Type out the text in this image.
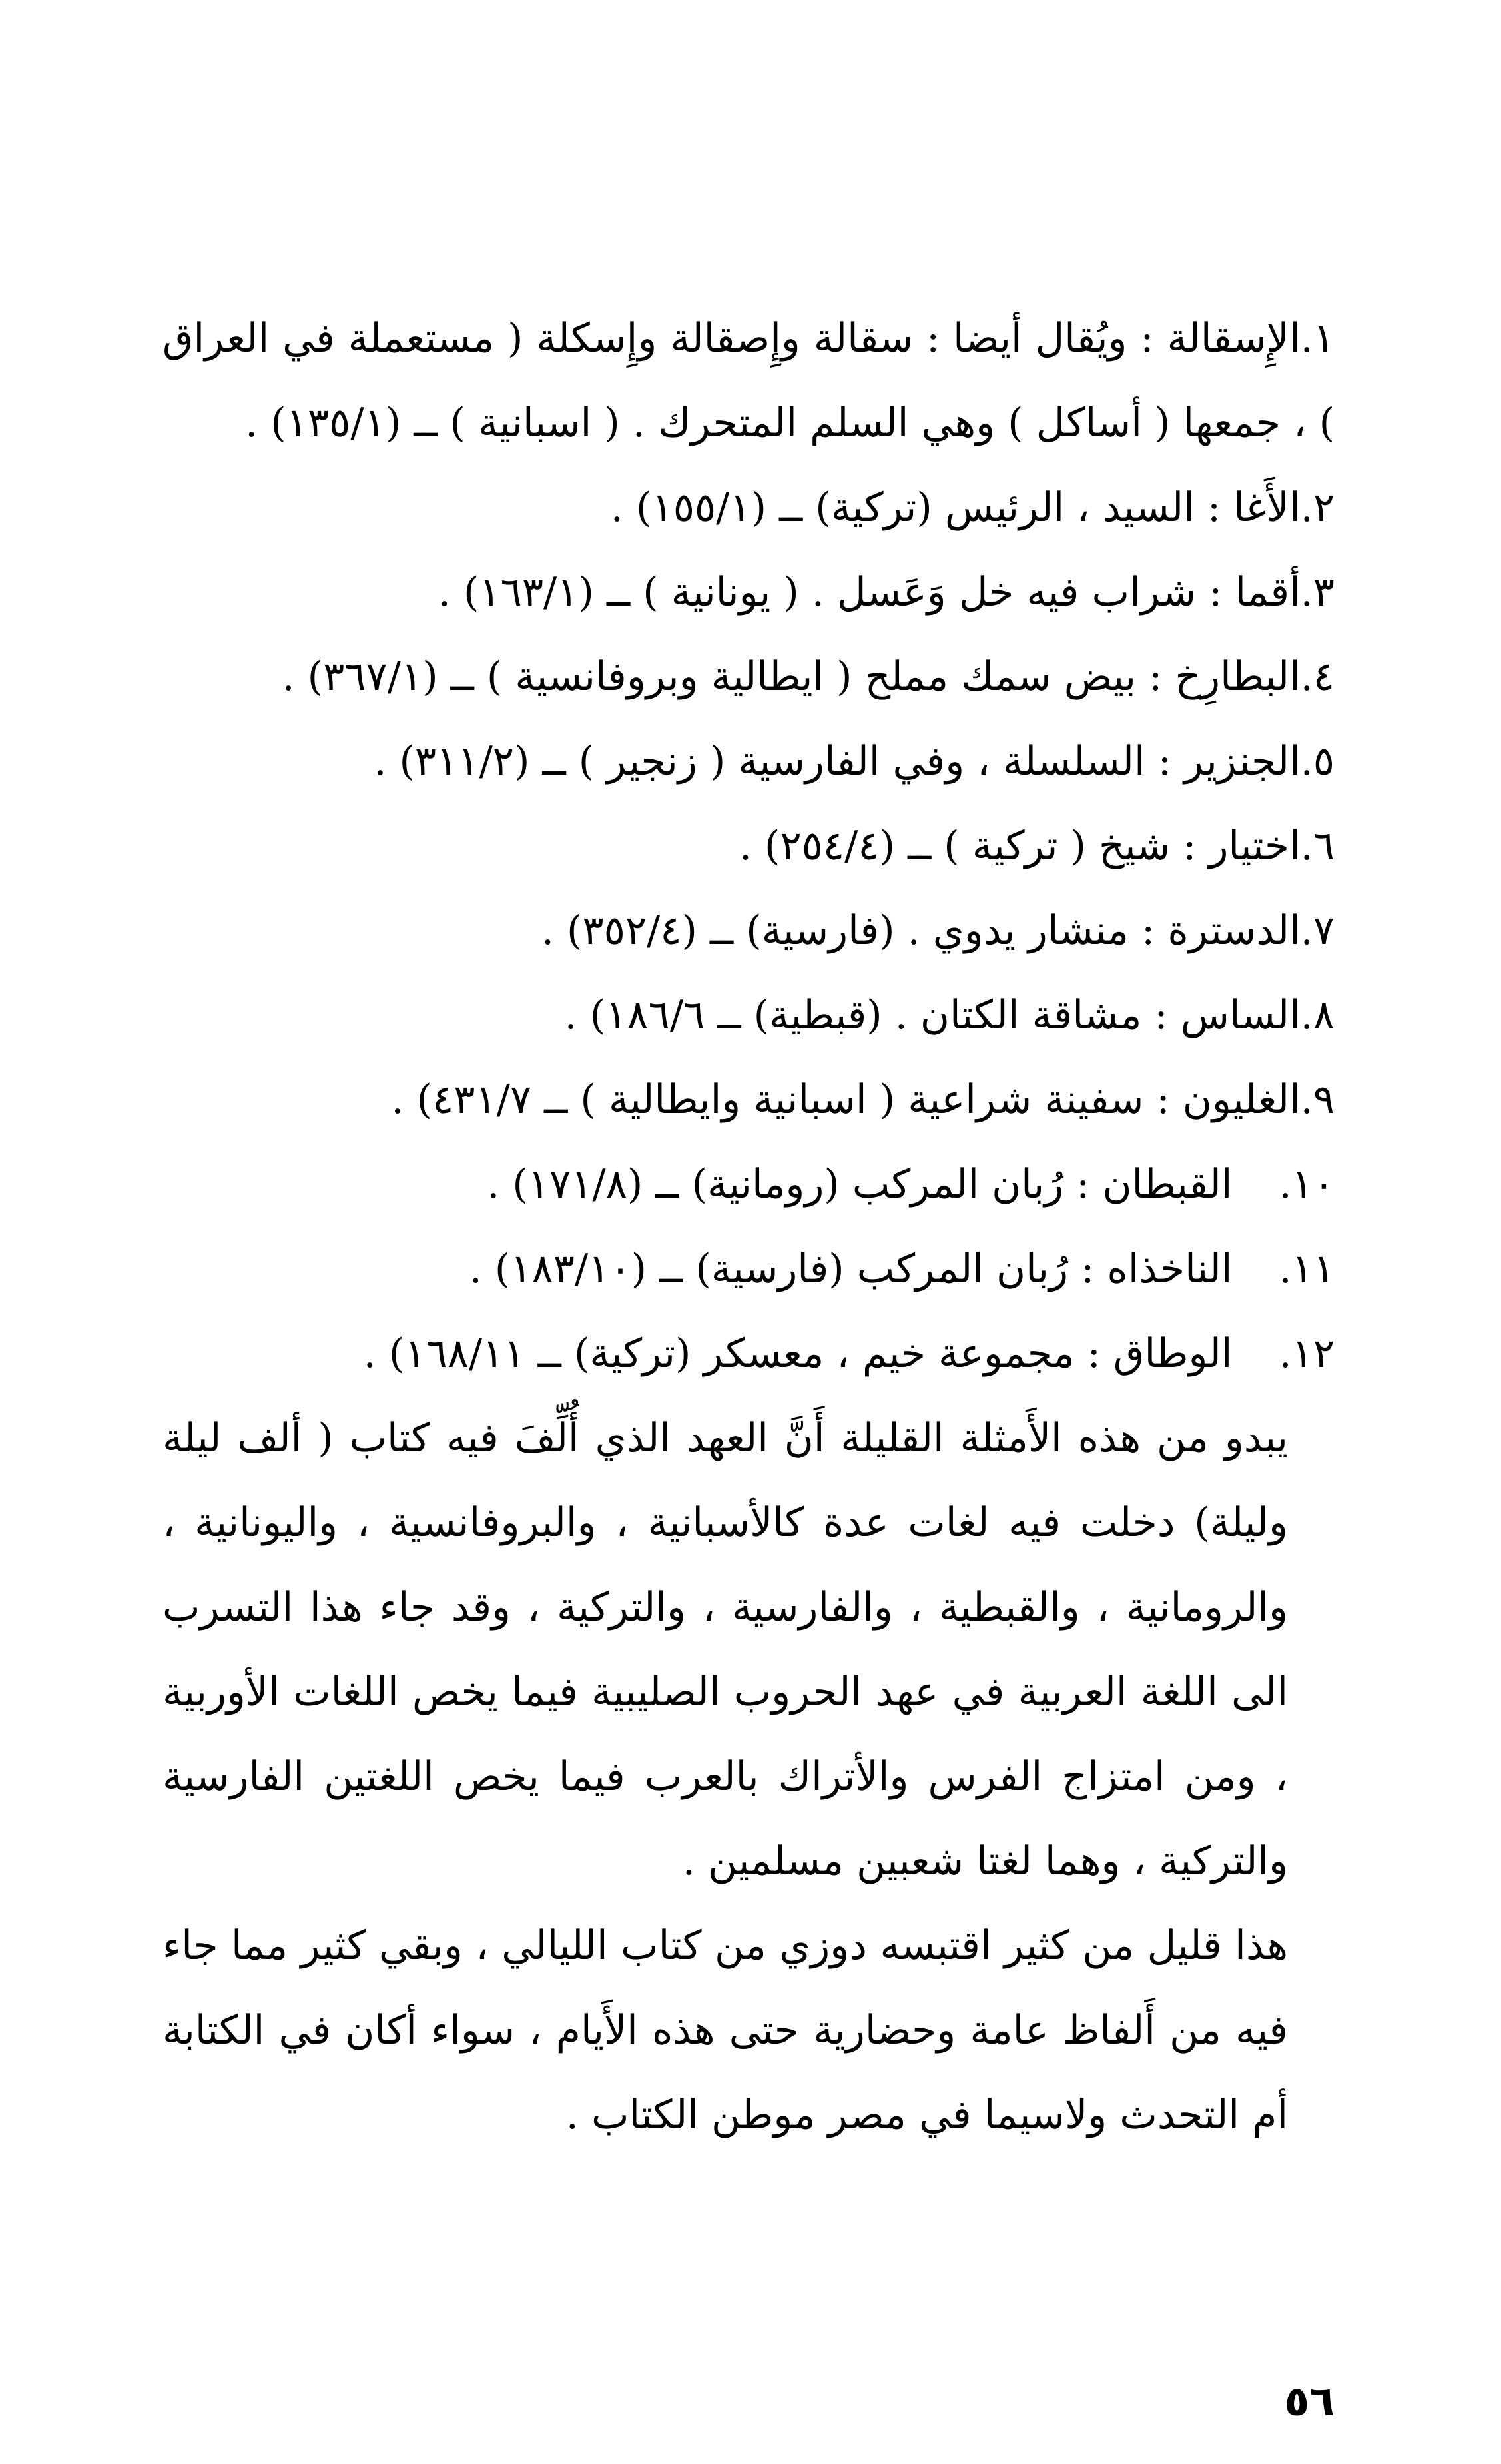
١.الإِسقالة : ويُقال أيضا : سقالة وإِصقالة وإِسكلة ( مستعملة في العراق ) ، جمعها ( أساكل ) وهي السلم المتحرك . ( اسبانية ) ــ (١٣٥/١) .

٢.الأَغا : السيد ، الرئيس (تركية) ــ (١٥٥/١) .

٣.أقما : شراب فيه خل وَعَسل . ( يونانية ) ــ (١٦٣/١) .

٤.البطارِخ : بيض سمك مملح ( ايطالية وبروفانسية ) ــ (٣٦٧/١) .

٥.الجنزير : السلسلة ، وفي الفارسية ( زنجير ) ــ (٣١١/٢) .

٦.اختيار : شيخ ( تركية ) ــ (٢٥٤/٤) .

٧.الدسترة : منشار يدوي . (فارسية) ــ (٣٥٢/٤) .

٨.الساس : مشاقة الكتان . (قبطية) ــ ١٨٦/٦) .

٩.الغليون : سفينة شراعية ( اسبانية وايطالية ) ــ ٤٣١/٧) .

١٠.القبطان : رُبان المركب (رومانية) ــ (١٧١/٨) .

١١.الناخذاه : رُبان المركب (فارسية) ــ (١٨٣/١٠) .

١٢.الوطاق : مجموعة خيم ، معسكر (تركية) ــ ١٦٨/١١) .

يبدو من هذه الأَمثلة القليلة أَنَّ العهد الذي أُلِّفَ فيه كتاب ( ألف ليلة وليلة) دخلت فيه لغات عدة كالأسبانية ، والبروفانسية ، واليونانية ، والرومانية ، والقبطية ، والفارسية ، والتركية ، وقد جاء هذا التسرب الى اللغة العربية في عهد الحروب الصليبية فيما يخص اللغات الأوربية ، ومن امتزاج الفرس والأتراك بالعرب فيما يخص اللغتين الفارسية والتركية ، وهما لغتا شعبين مسلمين .

هذا قليل من كثير اقتبسه دوزي من كتاب الليالي ، وبقي كثير مما جاء فيه من أَلفاظ عامة وحضارية حتى هذه الأَيام ، سواء أكان في الكتابة أم التحدث ولاسيما في مصر موطن الكتاب .

٥٦
